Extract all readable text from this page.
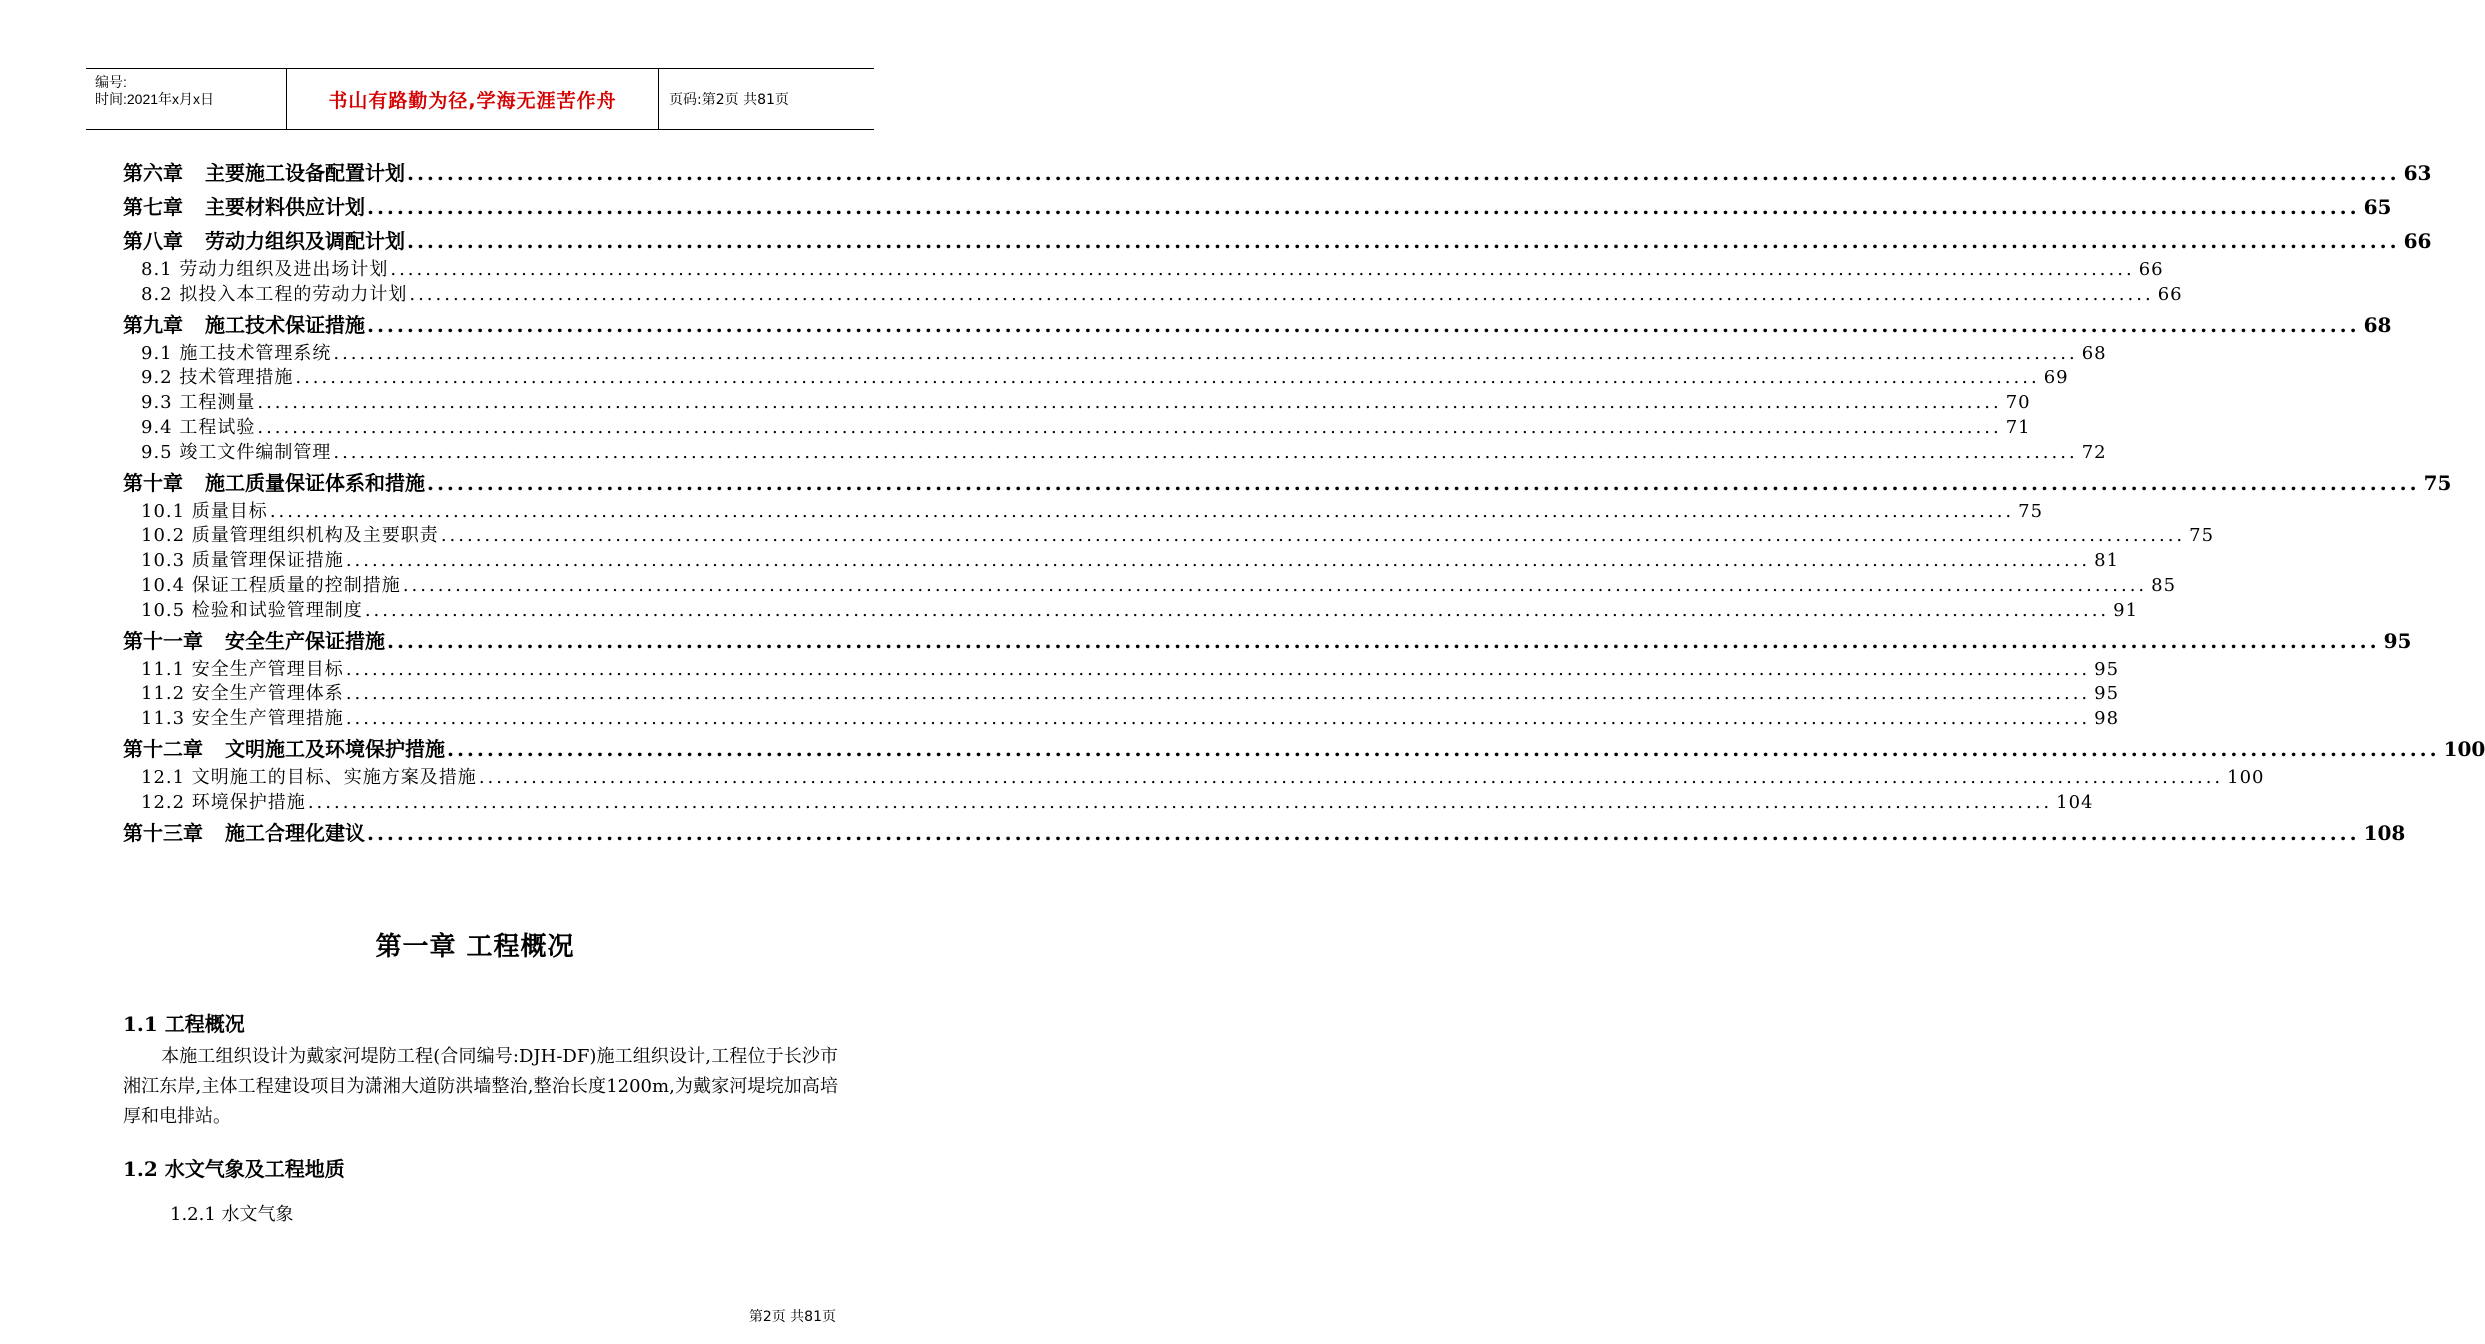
编号:
时间:2021年x月x日	书山有路勤为径,学海无涯苦作舟	页码:第2页 共81页
第六章 主要施工设备配置计划 ........................................................................................................................................................................................................ 63
第七章 主要材料供应计划 ........................................................................................................................................................................................................ 65
第八章 劳动力组织及调配计划 ........................................................................................................................................................................................................ 66
8.1 劳动力组织及进出场计划 ........................................................................................................................................................................................................ 66
8.2 拟投入本工程的劳动力计划 ........................................................................................................................................................................................................ 66
第九章 施工技术保证措施 ........................................................................................................................................................................................................ 68
9.1 施工技术管理系统 ........................................................................................................................................................................................................ 68
9.2 技术管理措施 ........................................................................................................................................................................................................ 69
9.3 工程测量 ........................................................................................................................................................................................................ 70
9.4 工程试验 ........................................................................................................................................................................................................ 71
9.5 竣工文件编制管理 ........................................................................................................................................................................................................ 72
第十章 施工质量保证体系和措施 ........................................................................................................................................................................................................ 75
10.1 质量目标 ........................................................................................................................................................................................................ 75
10.2 质量管理组织机构及主要职责 ........................................................................................................................................................................................................ 75
10.3 质量管理保证措施 ........................................................................................................................................................................................................ 81
10.4 保证工程质量的控制措施 ........................................................................................................................................................................................................ 85
10.5 检验和试验管理制度 ........................................................................................................................................................................................................ 91
第十一章 安全生产保证措施 ........................................................................................................................................................................................................ 95
11.1 安全生产管理目标 ........................................................................................................................................................................................................ 95
11.2 安全生产管理体系 ........................................................................................................................................................................................................ 95
11.3 安全生产管理措施 ........................................................................................................................................................................................................ 98
第十二章 文明施工及环境保护措施 ........................................................................................................................................................................................................ 100
12.1 文明施工的目标、实施方案及措施 ........................................................................................................................................................................................................ 100
12.2 环境保护措施 ........................................................................................................................................................................................................ 104
第十三章 施工合理化建议 ........................................................................................................................................................................................................ 108
第一章 工程概况
1.1 工程概况
本施工组织设计为戴家河堤防工程(合同编号:DJH-DF)施工组织设计,工程位于长沙市湘江东岸,主体工程建设项目为潇湘大道防洪墙整治,整治长度1200m,为戴家河堤垸加高培厚和电排站。
1.2 水文气象及工程地质
1.2.1 水文气象
第2页 共81页
